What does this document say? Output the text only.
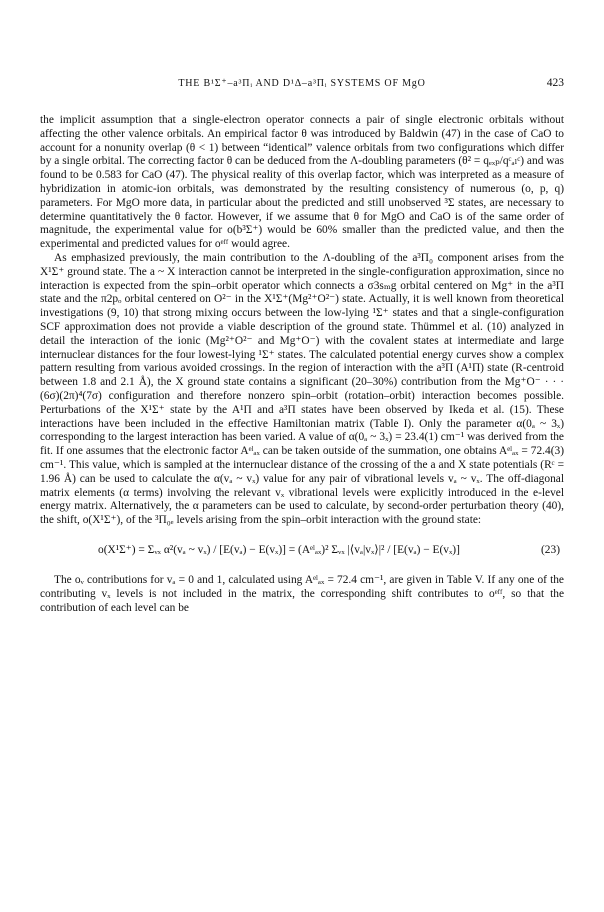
THE B¹Σ⁺–a³Πᵢ AND D¹Δ–a³Πᵢ SYSTEMS OF MgO	423

the implicit assumption that a single-electron operator connects a pair of single electronic orbitals without affecting the other valence orbitals. An empirical factor θ was introduced by Baldwin (47) in the case of CaO to account for a nonunity overlap (θ < 1) between “identical” valence orbitals from two configurations which differ by a single orbital. The correcting factor θ can be deduced from the Λ-doubling parameters (θ² = qₑₓₚ/qᶜₐₗᶜ) and was found to be 0.583 for CaO (47). The physical reality of this overlap factor, which was interpreted as a measure of hybridization in atomic-ion orbitals, was demonstrated by the resulting consistency of numerous (o, p, q) parameters. For MgO more data, in particular about the predicted and still unobserved ³Σ states, are necessary to determine quantitatively the θ factor. However, if we assume that θ for MgO and CaO is of the same order of magnitude, the experimental value for o(b³Σ⁺) would be 60% smaller than the predicted value, and then the experimental and predicted values for oᵉᶠᶠ would agree.

As emphasized previously, the main contribution to the Λ-doubling of the a³Π₀ component arises from the X¹Σ⁺ ground state. The a ~ X interaction cannot be interpreted in the single-configuration approximation, since no interaction is expected from the spin–orbit operator which connects a σ3sₘg orbital centered on Mg⁺ in the a³Π state and the π2pₒ orbital centered on O²⁻ in the X¹Σ⁺(Mg²⁺O²⁻) state. Actually, it is well known from theoretical investigations (9, 10) that strong mixing occurs between the low-lying ¹Σ⁺ states and that a single-configuration SCF approximation does not provide a viable description of the ground state. Thümmel et al. (10) analyzed in detail the interaction of the ionic (Mg²⁺O²⁻ and Mg⁺O⁻) with the covalent states at intermediate and large internuclear distances for the four lowest-lying ¹Σ⁺ states. The calculated potential energy curves show a complex pattern resulting from various avoided crossings. In the region of interaction with the a³Π (A¹Π) state (R-centroid between 1.8 and 2.1 Å), the X ground state contains a significant (20–30%) contribution from the Mg⁺O⁻ · · · (6σ)(2π)⁴(7σ) configuration and therefore nonzero spin–orbit (rotation–orbit) interaction becomes possible. Perturbations of the X¹Σ⁺ state by the A¹Π and a³Π states have been observed by Ikeda et al. (15). These interactions have been included in the effective Hamiltonian matrix (Table I). Only the parameter α(0ₐ ~ 3ₓ) corresponding to the largest interaction has been varied. A value of α(0ₐ ~ 3ₓ) = 23.4(1) cm⁻¹ was derived from the fit. If one assumes that the electronic factor Aᵉˡₐₓ can be taken outside of the summation, one obtains Aᵉˡₐₓ = 72.4(3) cm⁻¹. This value, which is sampled at the internuclear distance of the crossing of the a and X state potentials (Rᶜ = 1.96 Å) can be used to calculate the α(vₐ ~ vₓ) value for any pair of vibrational levels vₐ ~ vₓ. The off-diagonal matrix elements (α terms) involving the relevant vₓ vibrational levels were explicitly introduced in the e-level energy matrix. Alternatively, the α parameters can be used to calculate, by second-order perturbation theory (40), the shift, o(X¹Σ⁺), of the ³Π₀ₑ levels arising from the spin–orbit interaction with the ground state:

o(X¹Σ⁺) = Σᵥₓ α²(vₐ ~ vₓ) / [E(vₐ) − E(vₓ)] = (Aᵉˡₐₓ)² Σᵥₓ |⟨vₐ|vₓ⟩|² / [E(vₐ) − E(vₓ)]	(23)

The oᵥ contributions for vₐ = 0 and 1, calculated using Aᵉˡₐₓ = 72.4 cm⁻¹, are given in Table V. If any one of the contributing vₓ levels is not included in the matrix, the corresponding shift contributes to oᵉᶠᶠ, so that the contribution of each level can be
